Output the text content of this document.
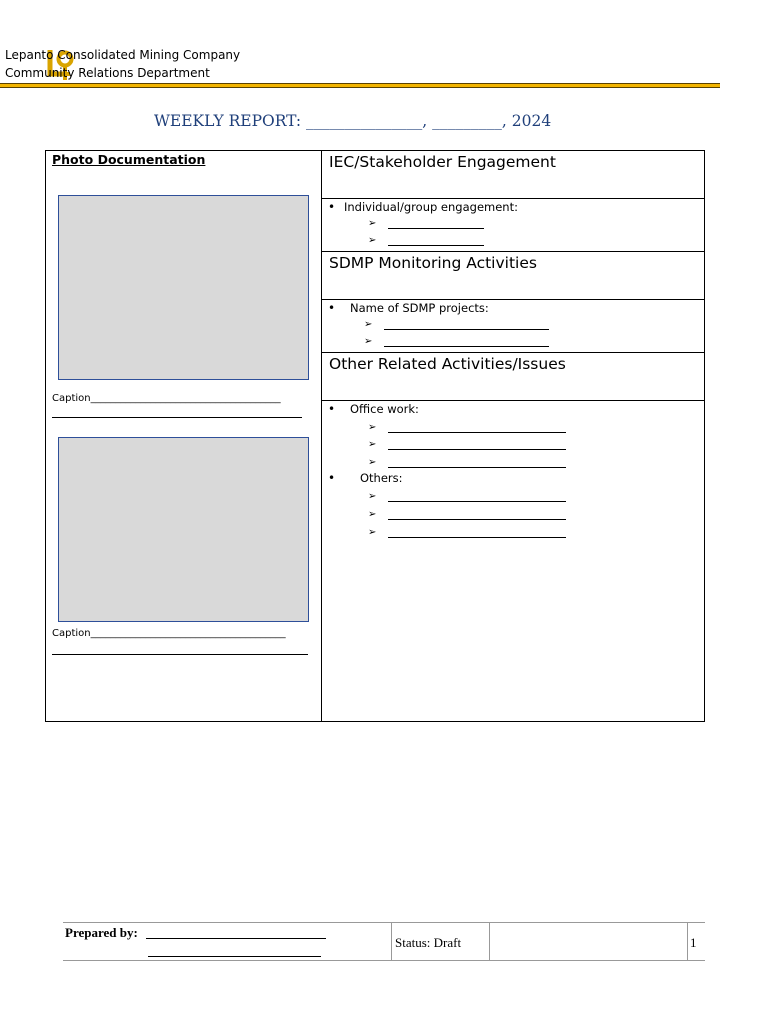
Lepanto Consolidated Mining Company
Community Relations Department
WEEKLY REPORT: _______________, _________, 2024
Photo Documentation
Caption______________________________________
Caption_______________________________________
IEC/Stakeholder Engagement
• Individual/group engagement:
➢
➢
SDMP Monitoring Activities
•	Name of SDMP projects:
➢
➢
Other Related Activities/Issues
•	Office work:
➢
➢
➢
•	Others:
➢
➢
➢
Prepared by:
Status: Draft	1
